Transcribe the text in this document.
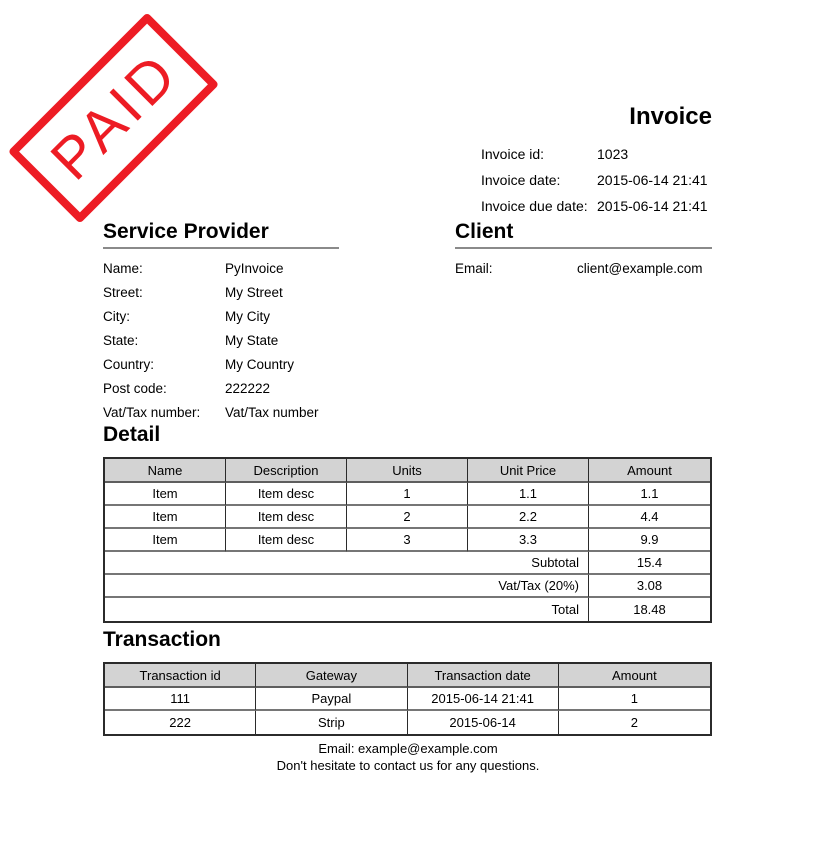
PAID	Invoice
Invoice id:	1023
Invoice date:	2015-06-14 21:41
Invoice due date: 2015-06-14 21:41
Service Provider
Name:	PyInvoice
Street:	My Street
City:	My City
State:	My State
Country:	My Country
Post code:	222222
Vat/Tax number:	Vat/Tax number
Client
Email:	client@example.com
Detail
Name	Description	Units	Unit Price	Amount
Item	Item desc	1	1.1	1.1
Item	Item desc	2	2.2	4.4
Item	Item desc	3	3.3	9.9
Subtotal				15.4
Vat/Tax (20%)				3.08
Total				18.48
Transaction
Transaction id	Gateway	Transaction date	Amount
111	Paypal	2015-06-14 21:41	1
222	Strip	2015-06-14	2
Email: example@example.com
Don't hesitate to contact us for any questions.
